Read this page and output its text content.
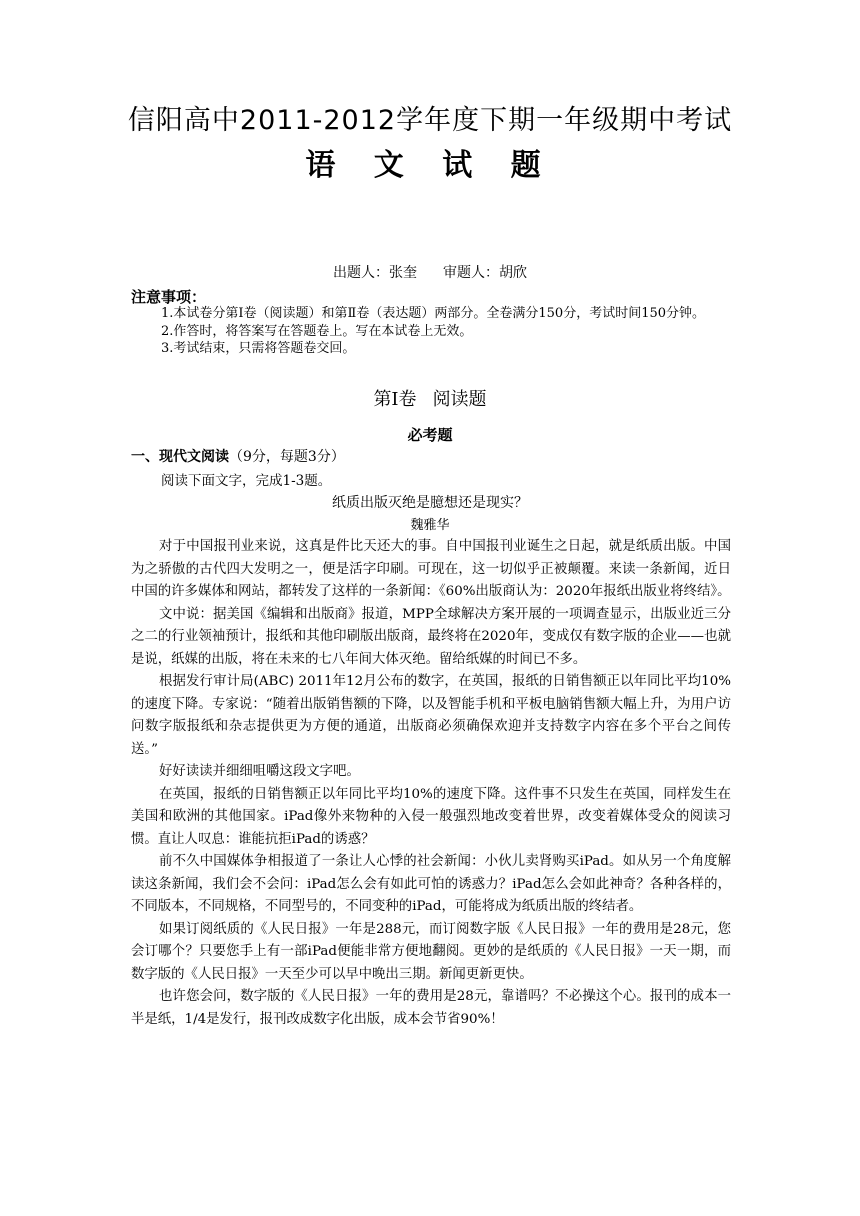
信阳高中2011-2012学年度下期一年级期中考试
语 文 试 题
出题人：张奎 审题人：胡欣
注意事项：

1.本试卷分第Ⅰ卷（阅读题）和第Ⅱ卷（表达题）两部分。全卷满分150分，考试时间150分钟。

2.作答时，将答案写在答题卷上。写在本试卷上无效。

3.考试结束，只需将答题卷交回。

第Ⅰ卷 阅读题
必考题
一、现代文阅读（9分，每题3分）
阅读下面文字，完成1-3题。
纸质出版灭绝是臆想还是现实？
魏雅华

对于中国报刊业来说，这真是件比天还大的事。自中国报刊业诞生之日起，就是纸质出版。中国为之骄傲的古代四大发明之一，便是活字印刷。可现在，这一切似乎正被颠覆。来读一条新闻，近日中国的许多媒体和网站，都转发了这样的一条新闻：《60%出版商认为：2020年报纸出版业将终结》。

文中说：据美国《编辑和出版商》报道，MPP全球解决方案开展的一项调查显示，出版业近三分之二的行业领袖预计，报纸和其他印刷版出版商，最终将在2020年，变成仅有数字版的企业——也就是说，纸媒的出版，将在未来的七八年间大体灭绝。留给纸媒的时间已不多。

根据发行审计局(ABC) 2011年12月公布的数字，在英国，报纸的日销售额正以年同比平均10%的速度下降。专家说：“随着出版销售额的下降，以及智能手机和平板电脑销售额大幅上升，为用户访问数字版报纸和杂志提供更为方便的通道，出版商必须确保欢迎并支持数字内容在多个平台之间传送。”

好好读读并细细咀嚼这段文字吧。

在英国，报纸的日销售额正以年同比平均10%的速度下降。这件事不只发生在英国，同样发生在美国和欧洲的其他国家。iPad像外来物种的入侵一般强烈地改变着世界，改变着媒体受众的阅读习惯。直让人叹息：谁能抗拒iPad的诱惑？

前不久中国媒体争相报道了一条让人心悸的社会新闻：小伙儿卖肾购买iPad。如从另一个角度解读这条新闻，我们会不会问：iPad怎么会有如此可怕的诱惑力？iPad怎么会如此神奇？各种各样的，不同版本，不同规格，不同型号的，不同变种的iPad，可能将成为纸质出版的终结者。

如果订阅纸质的《人民日报》一年是288元，而订阅数字版《人民日报》一年的费用是28元，您会订哪个？只要您手上有一部iPad便能非常方便地翻阅。更妙的是纸质的《人民日报》一天一期，而数字版的《人民日报》一天至少可以早中晚出三期。新闻更新更快。

也许您会问，数字版的《人民日报》一年的费用是28元，靠谱吗？不必操这个心。报刊的成本一半是纸，1/4是发行，报刊改成数字化出版，成本会节省90%！
